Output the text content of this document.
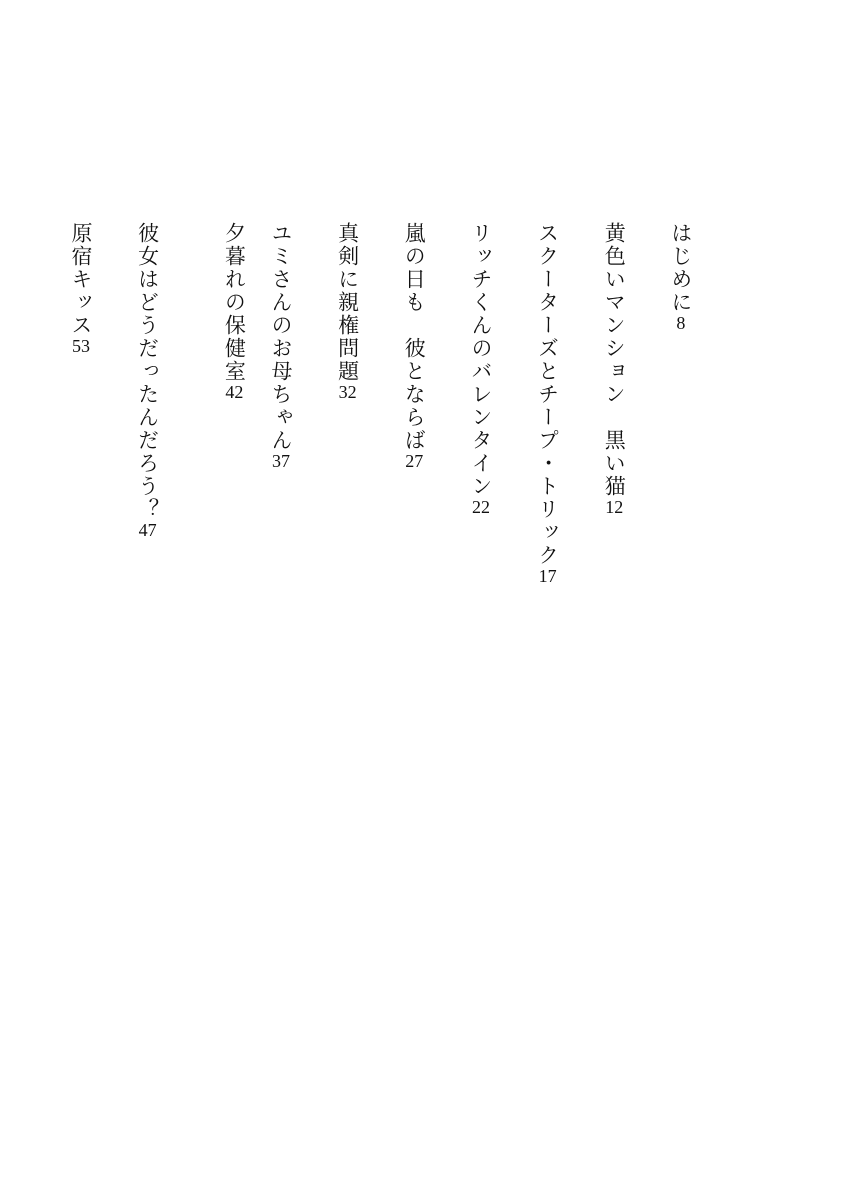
はじめに8
黄色いマンション　黒い猫12
スクーターズとチープ・トリック17
リッチくんのバレンタイン22
嵐の日も　彼とならば27
真剣に親権問題32
ユミさんのお母ちゃん37
夕暮れの保健室42
彼女はどうだったんだろう？47
原宿キッス53
